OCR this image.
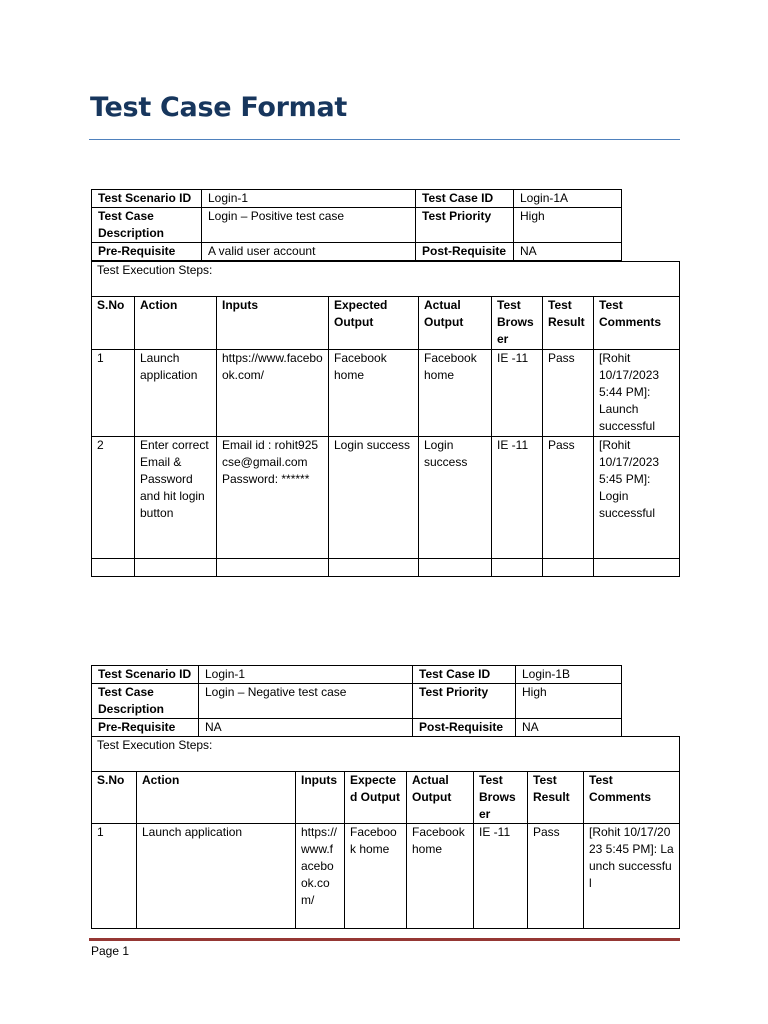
Test Case Format
Test Scenario ID	Login-1	Test Case ID	Login-1A
Test Case Description	Login – Positive test case	Test Priority	High
Pre-Requisite	A valid user account	Post-Requisite	NA
Test Execution Steps:							
S.No	Action	Inputs	Expected Output	Actual Output	Test Browser	Test Result	Test Comments
1	Launch application	https://www.facebook.com/	Facebook home	Facebook home	IE -11	Pass	[Rohit 10/17/2023 5:44 PM]: Launch successful
2	Enter correct Email & Password and hit login button	Email id : rohit925cse@gmail.com
Password: ******	Login success	Login success	IE -11	Pass	[Rohit 10/17/2023 5:45 PM]: Login successful

Test Scenario ID	Login-1	Test Case ID	Login-1B
Test Case Description	Login – Negative test case	Test Priority	High
Pre-Requisite	NA	Post-Requisite	NA
Test Execution Steps:							
S.No	Action	Inputs	Expected Output	Actual Output	Test Browser	Test Result	Test Comments
1	Launch application	https://www.facebook.com/	Facebook home	Facebook home	IE -11	Pass	[Rohit 10/17/2023 5:45 PM]: Launch successful
Page 1
